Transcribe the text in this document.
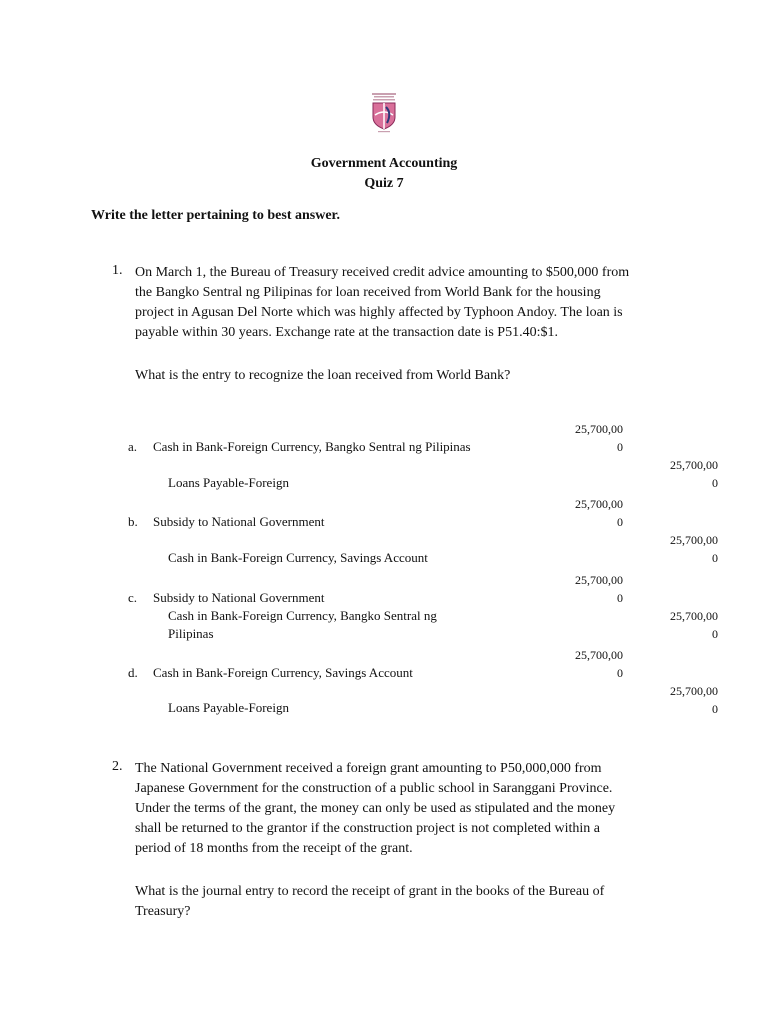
Government Accounting
Quiz 7
Write the letter pertaining to best answer.
1. On March 1, the Bureau of Treasury received credit advice amounting to $500,000 from
the Bangko Sentral ng Pilipinas for loan received from World Bank for the housing
project in Agusan Del Norte which was highly affected by Typhoon Andoy. The loan is
payable within 30 years. Exchange rate at the transaction date is P51.40:$1.
What is the entry to recognize the loan received from World Bank?
25,700,00
0
a. Cash in Bank-Foreign Currency, Bangko Sentral ng Pilipinas
25,700,00
0
Loans Payable-Foreign
25,700,00
0
b. Subsidy to National Government
25,700,00
0
Cash in Bank-Foreign Currency, Savings Account
25,700,00
0
c. Subsidy to National Government
Cash in Bank-Foreign Currency, Bangko Sentral ng
Pilipinas
25,700,00
0
25,700,00
0
d. Cash in Bank-Foreign Currency, Savings Account
25,700,00
0
Loans Payable-Foreign
2. The National Government received a foreign grant amounting to P50,000,000 from
Japanese Government for the construction of a public school in Saranggani Province.
Under the terms of the grant, the money can only be used as stipulated and the money
shall be returned to the grantor if the construction project is not completed within a
period of 18 months from the receipt of the grant.
What is the journal entry to record the receipt of grant in the books of the Bureau of
Treasury?
